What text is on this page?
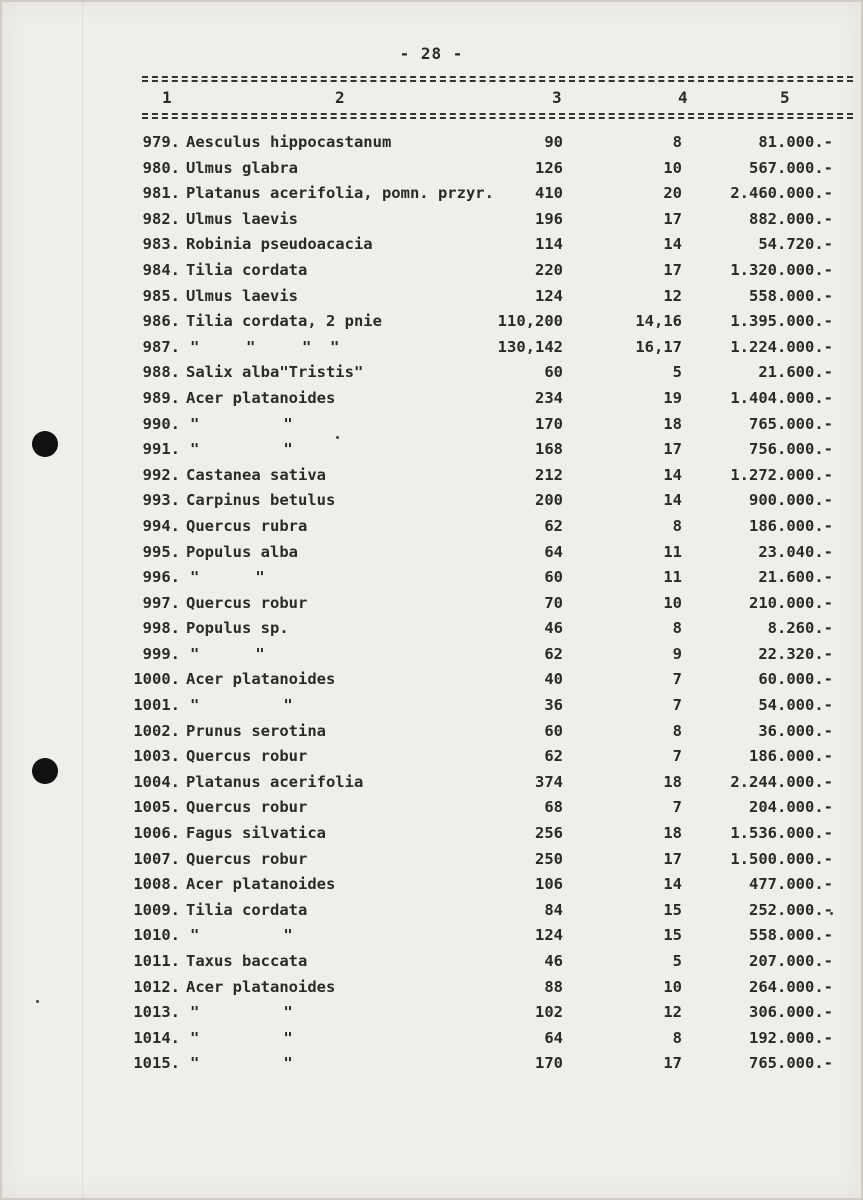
- 28 -
1	2	3	4	5
979. Aesculus hippocastanum	90	8	81.000.-
980. Ulmus glabra	126	10	567.000.-
981. Platanus acerifolia, pomn. przyr.	410	20	2.460.000.-
982. Ulmus laevis	196	17	882.000.-
983. Robinia pseudoacacia	114	14	54.720.-
984. Tilia cordata	220	17	1.320.000.-
985. Ulmus laevis	124	12	558.000.-
986. Tilia cordata, 2 pnie	110,200	14,16	1.395.000.-
987. "     "     "  "	130,142	16,17	1.224.000.-
988. Salix alba"Tristis"	60	5	21.600.-
989. Acer platanoides	234	19	1.404.000.-
990. "         "	170	18	765.000.-
991. "         "	168	17	756.000.-
992. Castanea sativa	212	14	1.272.000.-
993. Carpinus betulus	200	14	900.000.-
994. Quercus rubra	62	8	186.000.-
995. Populus alba	64	11	23.040.-
996. "      "	60	11	21.600.-
997. Quercus robur	70	10	210.000.-
998. Populus sp.	46	8	8.260.-
999. "      "	62	9	22.320.-
1000. Acer platanoides	40	7	60.000.-
1001. "         "	36	7	54.000.-
1002. Prunus serotina	60	8	36.000.-
1003. Quercus robur	62	7	186.000.-
1004. Platanus acerifolia	374	18	2.244.000.-
1005. Quercus robur	68	7	204.000.-
1006. Fagus silvatica	256	18	1.536.000.-
1007. Quercus robur	250	17	1.500.000.-
1008. Acer platanoides	106	14	477.000.-
1009. Tilia cordata	84	15	252.000.-
1010. "         "	124	15	558.000.-
1011. Taxus baccata	46	5	207.000.-
1012. Acer platanoides	88	10	264.000.-
1013. "         "	102	12	306.000.-
1014. "         "	64	8	192.000.-
1015. "         "	170	17	765.000.-
